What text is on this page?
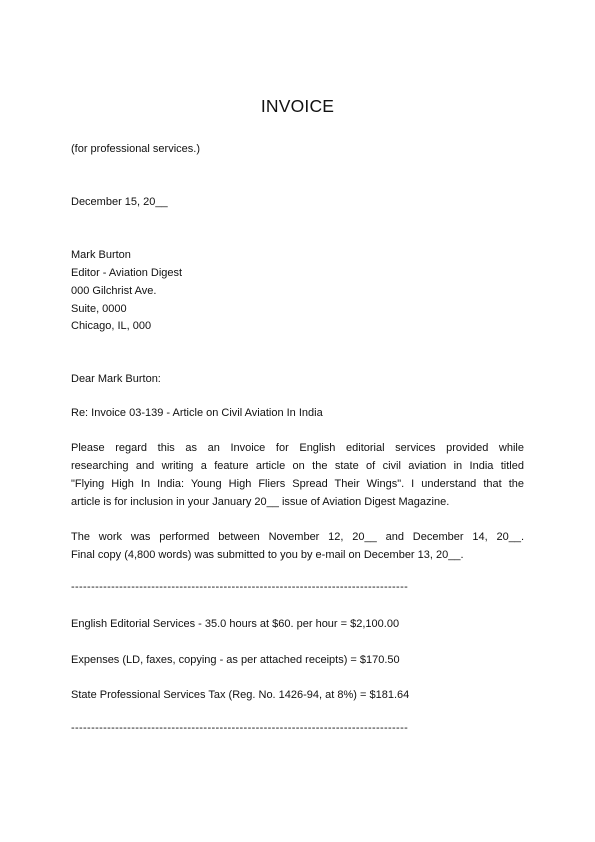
INVOICE
(for professional services.)
December 15, 20__
Mark Burton
Editor - Aviation Digest
000 Gilchrist Ave.
Suite, 0000
Chicago, IL, 000
Dear Mark Burton:
Re: Invoice 03-139 - Article on Civil Aviation In India
Please regard this as an Invoice for English editorial services provided while
researching and writing a feature article on the state of civil aviation in India titled
"Flying High In India: Young High Fliers Spread Their Wings". I understand that the
article is for inclusion in your January 20__ issue of Aviation Digest Magazine.
The work was performed between November 12, 20__ and December 14, 20__.
Final copy (4,800 words) was submitted to you by e-mail on December 13, 20__.
------------------------------------------------------------------------------------
English Editorial Services - 35.0 hours at $60. per hour = $2,100.00
Expenses (LD, faxes, copying - as per attached receipts) = $170.50
State Professional Services Tax (Reg. No. 1426-94, at 8%) = $181.64
------------------------------------------------------------------------------------
